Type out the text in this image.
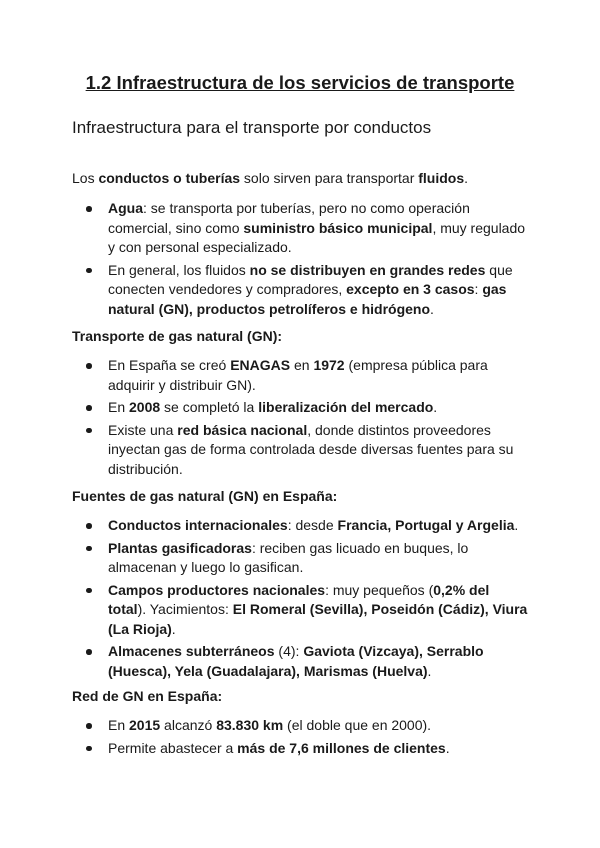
1.2 Infraestructura de los servicios de transporte
Infraestructura para el transporte por conductos

Los conductos o tuberías solo sirven para transportar fluidos.

Agua: se transporta por tuberías, pero no como operación comercial, sino como suministro básico municipal, muy regulado y con personal especializado.
En general, los fluidos no se distribuyen en grandes redes que conecten vendedores y compradores, excepto en 3 casos: gas natural (GN), productos petrolíferos e hidrógeno.

Transporte de gas natural (GN):

En España se creó ENAGAS en 1972 (empresa pública para adquirir y distribuir GN).
En 2008 se completó la liberalización del mercado.
Existe una red básica nacional, donde distintos proveedores inyectan gas de forma controlada desde diversas fuentes para su distribución.

Fuentes de gas natural (GN) en España:

Conductos internacionales: desde Francia, Portugal y Argelia.
Plantas gasificadoras: reciben gas licuado en buques, lo almacenan y luego lo gasifican.
Campos productores nacionales: muy pequeños (0,2% del total). Yacimientos: El Romeral (Sevilla), Poseidón (Cádiz), Viura (La Rioja).
Almacenes subterráneos (4): Gaviota (Vizcaya), Serrablo (Huesca), Yela (Guadalajara), Marismas (Huelva).

Red de GN en España:

En 2015 alcanzó 83.830 km (el doble que en 2000).
Permite abastecer a más de 7,6 millones de clientes.
